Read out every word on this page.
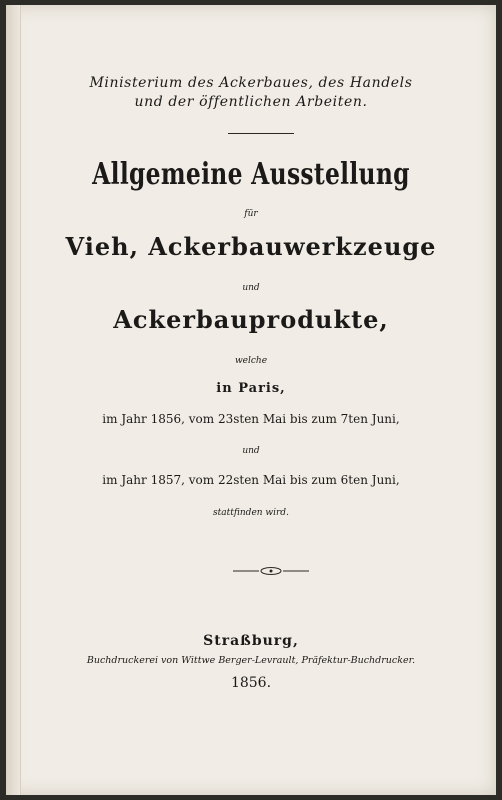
Ministerium des Ackerbaues, des Handels
und der öffentlichen Arbeiten.
Allgemeine Ausstellung
für
Vieh, Ackerbauwerkzeuge
und
Ackerbauprodukte,
welche
in Paris,
im Jahr 1856, vom 23sten Mai bis zum 7ten Juni,
und
im Jahr 1857, vom 22sten Mai bis zum 6ten Juni,
stattfinden wird.
Straßburg,
Buchdruckerei von Wittwe Berger-Levrault, Präfektur-Buchdrucker.
1856.
